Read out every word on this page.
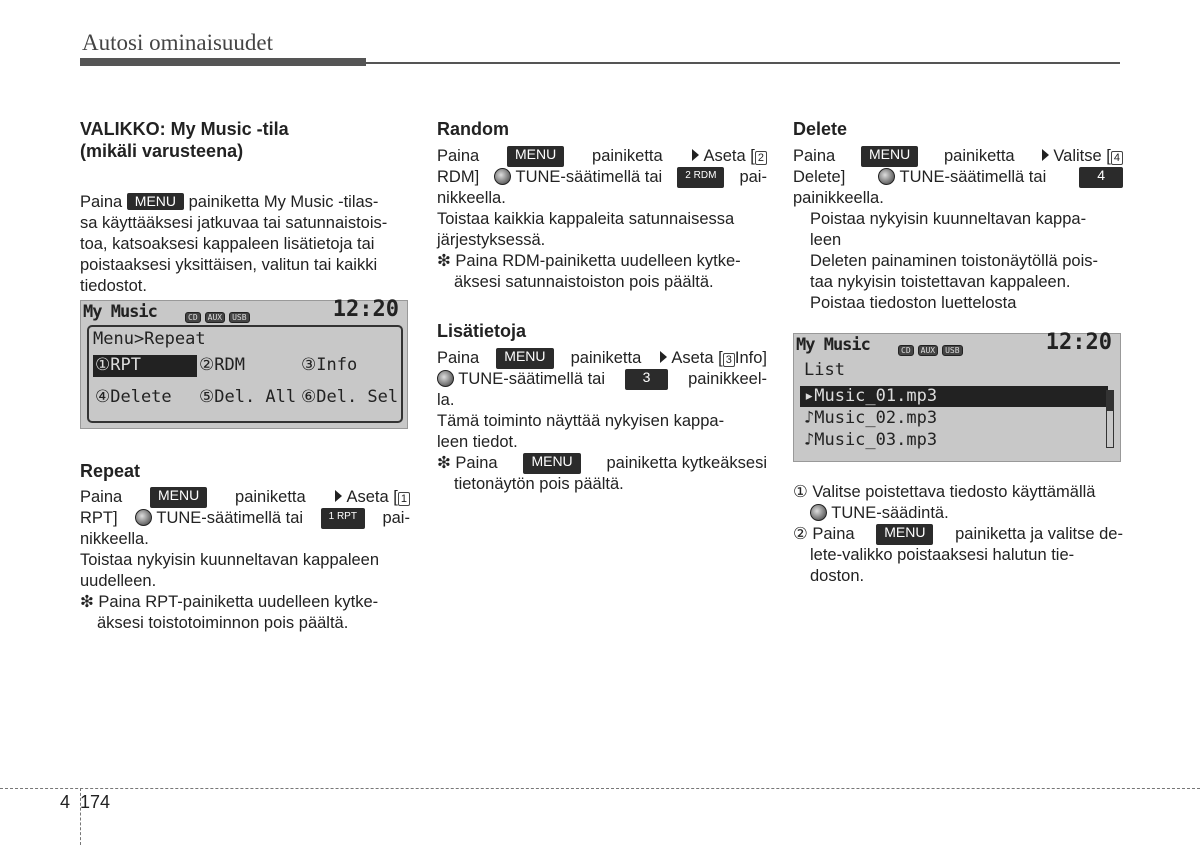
Autosi ominaisuudet

VALIKKO: My Music -tila

(mikäli varusteena)

Paina MENU painiketta My Music -tilas-

sa käyttääksesi jatkuvaa tai satunnaistois-

toa, katsoaksesi kappaleen lisätietoja tai

poistaaksesi yksittäisen, valitun tai kaikki

tiedostot.

My Music	CD AUX USB	12:20
Menu>Repeat
①RPT	②RDM	③Info
④Delete ⑤Del. All ⑥Del. Sel

Repeat

Paina	MENU	painiketta	Aseta [ 1

RPT]	TUNE-säätimellä tai	1 RPT	pai-

nikkeella.

Toistaa nykyisin kuunneltavan kappaleen

uudelleen.

❇ Paina RPT-painiketta uudelleen kytke-

äksesi toistotoiminnon pois päältä.

Random

Paina	MENU	painiketta	Aseta [ 2

RDM]	TUNE-säätimellä tai	2 RDM	pai-

nikkeella.

Toistaa kaikkia kappaleita satunnaisessa

järjestyksessä.

❇ Paina RDM-painiketta uudelleen kytke-

äksesi satunnaistoiston pois päältä.

Lisätietoja

Paina	MENU	painiketta	Aseta [ 3 Info]

TUNE-säätimellä tai	3	painikkeel-

la.

Tämä toiminto näyttää nykyisen kappa-

leen tiedot.

❇ Paina	MENU	painiketta kytkeäksesi

tietonäytön pois päältä.

Delete

Paina	MENU	painiketta	Valitse [ 4

Delete]	TUNE-säätimellä tai	4

painikkeella.

Poistaa nykyisin kuunneltavan kappa-

leen

Deleten painaminen toistonäytöllä pois-

taa nykyisin toistettavan kappaleen.

Poistaa tiedoston luettelosta

My Music	CD AUX USB	12:20
List
▸Music_01.mp3
♪Music_02.mp3
♪Music_03.mp3

① Valitse poistettava tiedosto käyttämällä

TUNE-säädintä.

② Paina	MENU	painiketta ja valitse de-

lete-valikko poistaaksesi halutun tie-

doston.

4 174
